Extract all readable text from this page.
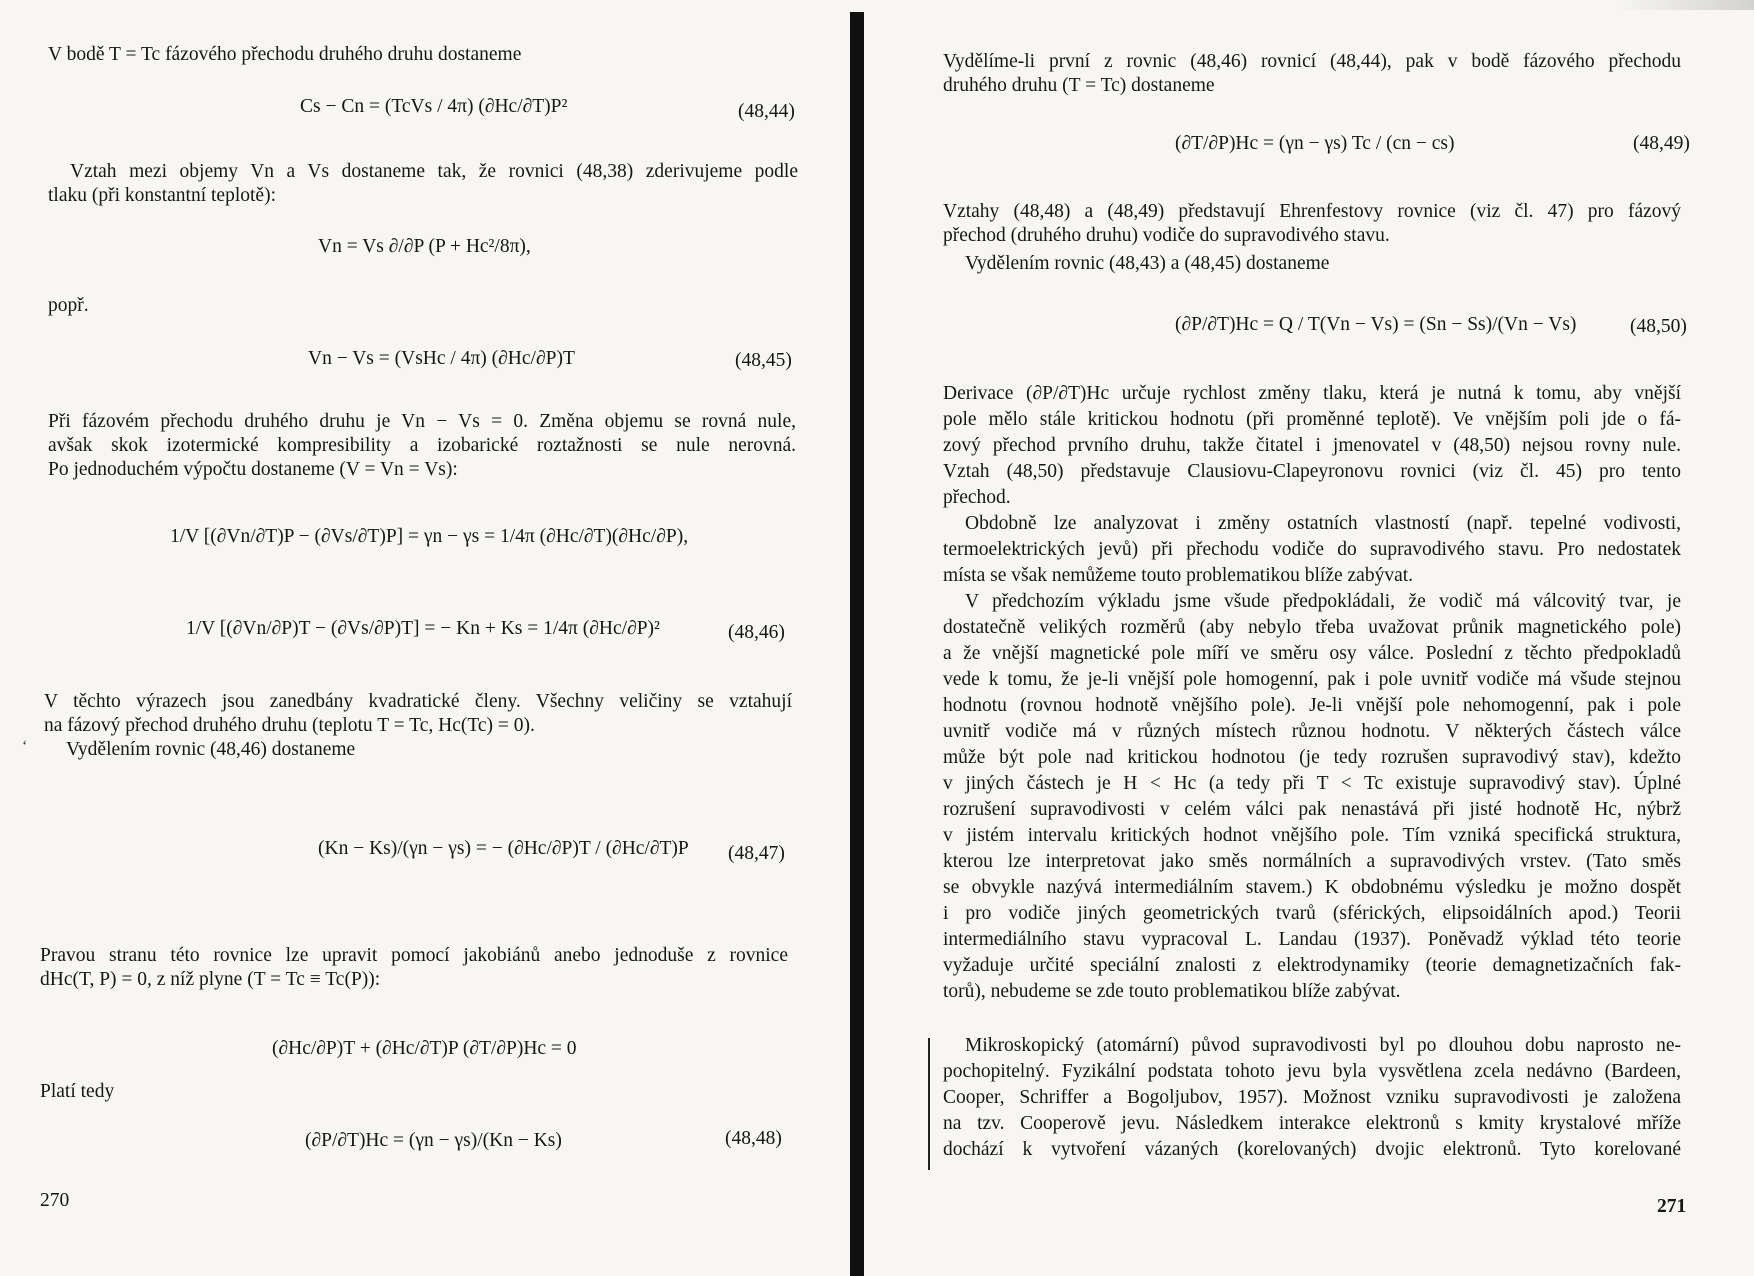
V bodě T = Tc fázového přechodu druhého druhu dostaneme
Cs − Cn = (TcVs / 4π) (∂Hc/∂T)P²	(48,44)
Vztah mezi objemy Vn a Vs dostaneme tak, že rovnici (48,38) zderivujeme podle
tlaku (při konstantní teplotě):
Vn = Vs ∂/∂P (P + Hc²/8π),
popř.
Vn − Vs = (VsHc / 4π) (∂Hc/∂P)T	(48,45)
Při fázovém přechodu druhého druhu je Vn − Vs = 0. Změna objemu se rovná nule,
avšak skok izotermické kompresibility a izobarické roztažnosti se nule nerovná.
Po jednoduchém výpočtu dostaneme (V = Vn = Vs):
1/V [(∂Vn/∂T)P − (∂Vs/∂T)P] = γn − γs = 1/4π (∂Hc/∂T)(∂Hc/∂P),
1/V [(∂Vn/∂P)T − (∂Vs/∂P)T] = − Kn + Ks = 1/4π (∂Hc/∂P)²	(48,46)
V těchto výrazech jsou zanedbány kvadratické členy. Všechny veličiny se vztahují
na fázový přechod druhého druhu (teplotu T = Tc, Hc(Tc) = 0).
‘ Vydělením rovnic (48,46) dostaneme
(Kn − Ks)/(γn − γs) = − (∂Hc/∂P)T / (∂Hc/∂T)P (48,47)
Pravou stranu této rovnice lze upravit pomocí jakobiánů anebo jednoduše z rovnice
dHc(T, P) = 0, z níž plyne (T = Tc ≡ Tc(P)):
(∂Hc/∂P)T + (∂Hc/∂T)P (∂T/∂P)Hc = 0
Platí tedy
(∂P/∂T)Hc = (γn − γs)/(Kn − Ks)	(48,48)
270
Vydělíme-li první z rovnic (48,46) rovnicí (48,44), pak v bodě fázového přechodu
druhého druhu (T = Tc) dostaneme
(∂T/∂P)Hc = (γn − γs) Tc / (cn − cs)	(48,49)
Vztahy (48,48) a (48,49) představují Ehrenfestovy rovnice (viz čl. 47) pro fázový
přechod (druhého druhu) vodiče do supravodivého stavu.
Vydělením rovnic (48,43) a (48,45) dostaneme
(∂P/∂T)Hc = Q / T(Vn − Vs) = (Sn − Ss)/(Vn − Vs)	(48,50)
Derivace (∂P/∂T)Hc určuje rychlost změny tlaku, která je nutná k tomu, aby vnější
pole mělo stále kritickou hodnotu (při proměnné teplotě). Ve vnějším poli jde o fá-
zový přechod prvního druhu, takže čitatel i jmenovatel v (48,50) nejsou rovny nule.
Vztah (48,50) představuje Clausiovu-Clapeyronovu rovnici (viz čl. 45) pro tento
přechod.
Obdobně lze analyzovat i změny ostatních vlastností (např. tepelné vodivosti,
termoelektrických jevů) při přechodu vodiče do supravodivého stavu. Pro nedostatek
místa se však nemůžeme touto problematikou blíže zabývat.
V předchozím výkladu jsme všude předpokládali, že vodič má válcovitý tvar, je
dostatečně velikých rozměrů (aby nebylo třeba uvažovat průnik magnetického pole)
a že vnější magnetické pole míří ve směru osy válce. Poslední z těchto předpokladů
vede k tomu, že je-li vnější pole homogenní, pak i pole uvnitř vodiče má všude stejnou
hodnotu (rovnou hodnotě vnějšího pole). Je-li vnější pole nehomogenní, pak i pole
uvnitř vodiče má v různých místech různou hodnotu. V některých částech válce
může být pole nad kritickou hodnotou (je tedy rozrušen supravodivý stav), kdežto
v jiných částech je H < Hc (a tedy při T < Tc existuje supravodivý stav). Úplné
rozrušení supravodivosti v celém válci pak nenastává při jisté hodnotě Hc, nýbrž
v jistém intervalu kritických hodnot vnějšího pole. Tím vzniká specifická struktura,
kterou lze interpretovat jako směs normálních a supravodivých vrstev. (Tato směs
se obvykle nazývá intermediálním stavem.) K obdobnému výsledku je možno dospět
i pro vodiče jiných geometrických tvarů (sférických, elipsoidálních apod.) Teorii
intermediálního stavu vypracoval L. Landau (1937). Poněvadž výklad této teorie
vyžaduje určité speciální znalosti z elektrodynamiky (teorie demagnetizačních fak-
torů), nebudeme se zde touto problematikou blíže zabývat.
Mikroskopický (atomární) původ supravodivosti byl po dlouhou dobu naprosto ne-
pochopitelný. Fyzikální podstata tohoto jevu byla vysvětlena zcela nedávno (Bardeen,
Cooper, Schriffer a Bogoljubov, 1957). Možnost vzniku supravodivosti je založena
na tzv. Cooperově jevu. Následkem interakce elektronů s kmity krystalové mříže
dochází k vytvoření vázaných (korelovaných) dvojic elektronů. Tyto korelované
271
